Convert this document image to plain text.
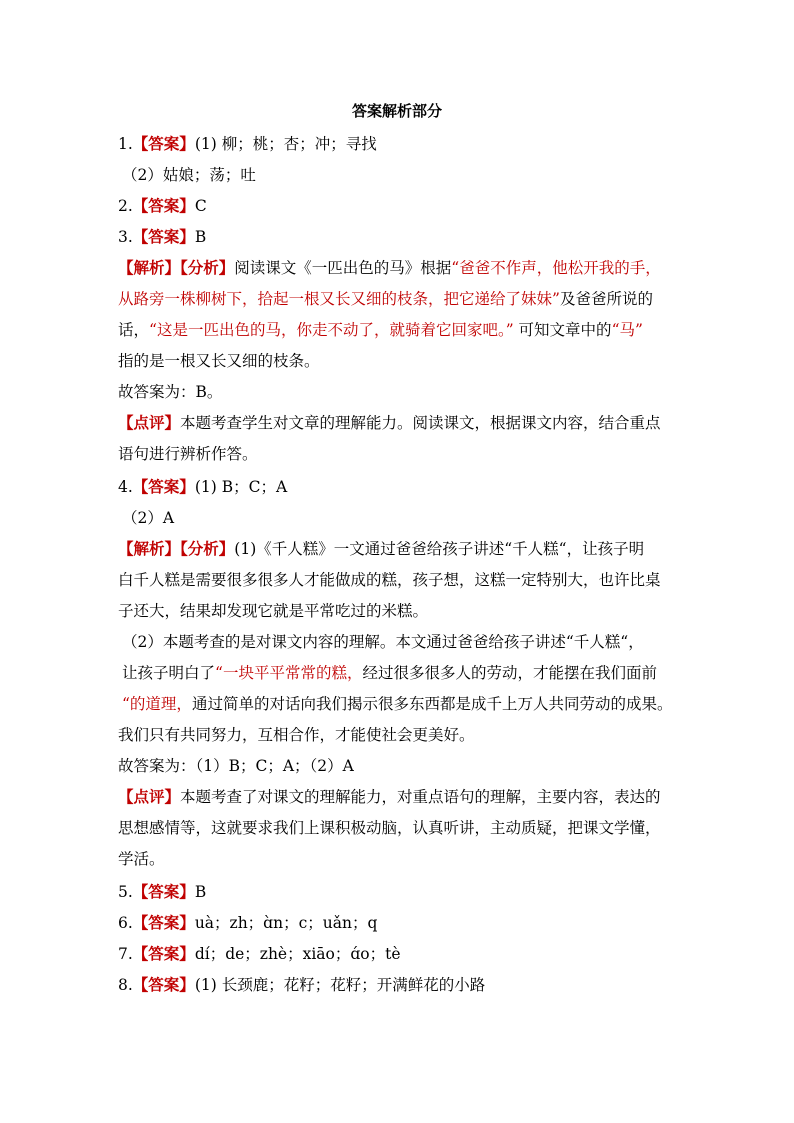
答案解析部分
1.【答案】(1) 柳；桃；杏；冲；寻找
（2）姑娘；荡；吐
2.【答案】C
3.【答案】B
【解析】【分析】阅读课文《一匹出色的马》根据“爸爸不作声，他松开我的手，
从路旁一株柳树下，拾起一根又长又细的枝条，把它递给了妹妹”及爸爸所说的
话，“这是一匹出色的马，你走不动了，就骑着它回家吧。” 可知文章中的“马”
指的是一根又长又细的枝条。
故答案为：B。
【点评】本题考查学生对文章的理解能力。阅读课文，根据课文内容，结合重点
语句进行辨析作答。
4.【答案】(1) B；C；A
（2）A
【解析】【分析】(1)《千人糕》一文通过爸爸给孩子讲述“千人糕“，让孩子明
白千人糕是需要很多很多人才能做成的糕，孩子想，这糕一定特别大，也许比桌
子还大，结果却发现它就是平常吃过的米糕。
（2）本题考查的是对课文内容的理解。本文通过爸爸给孩子讲述“千人糕“，
让孩子明白了“一块平平常常的糕，经过很多很多人的劳动，才能摆在我们面前
“的道理，通过简单的对话向我们揭示很多东西都是成千上万人共同劳动的成果。
我们只有共同努力，互相合作，才能使社会更美好。
故答案为：（1）B；C；A；（2）A
【点评】本题考查了对课文的理解能力，对重点语句的理解，主要内容，表达的
思想感情等，这就要求我们上课积极动脑，认真听讲，主动质疑，把课文学懂，
学活。
5.【答案】B
6.【答案】uà；zh；ɑ̀n；c；uǎn；q
7.【答案】dí；de；zhè；xiāo；ɑ́o；tè
8.【答案】(1) 长颈鹿；花籽；花籽；开满鲜花的小路
